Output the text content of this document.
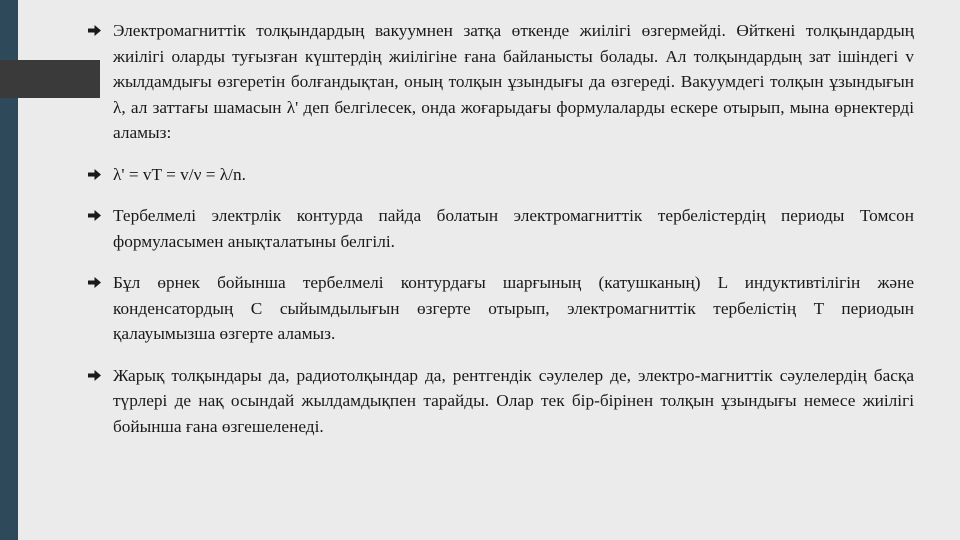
Электромагниттік толқындардың вакуумнен затқа өткенде жиілігі өзгермейді. Өйткені толқындардың жиілігі оларды туғызған күштердің жиілігіне ғана байланысты болады. Ал толқындардың зат ішіндегі v жылдамдығы өзгеретін болғандықтан, оның толқын ұзындығы да өзгереді. Вакуумдегі толқын ұзындығын λ, ал заттағы шамасын λ' деп белгілесек, онда жоғарыдағы формулаларды ескере отырып, мына өрнектерді аламыз:
λ' = vT = v/ν = λ/n.
Тербелмелі электрлік контурда пайда болатын электромагниттік тербелістердің периоды Томсон формуласымен анықталатыны белгілі.
Бұл өрнек бойынша тербелмелі контурдағы шарғының (катушканың) L индуктивтілігін және конденсатордың C сыйымдылығын өзгерте отырып, электромагниттік тербелістің T периодын қалауымызша өзгерте аламыз.
Жарық толқындары да, радиотолқындар да, рентгендік сәулелер де, электро-магниттік сәулелердің басқа түрлері де нақ осындай жылдамдықпен тарайды. Олар тек бір-бірінен толқын ұзындығы немесе жиілігі бойынша ғана өзгешеленеді.
